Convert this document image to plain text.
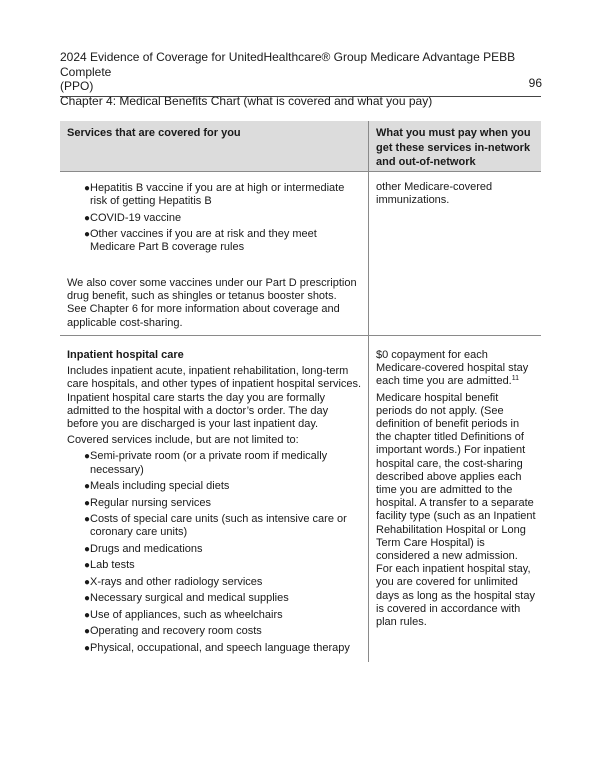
2024 Evidence of Coverage for UnitedHealthcare® Group Medicare Advantage PEBB Complete
(PPO)
Chapter 4: Medical Benefits Chart (what is covered and what you pay)
96
Services that are covered for you	What you must pay when you get these services in-network and out-of-network
● Hepatitis B vaccine if you are at high or intermediate risk of getting Hepatitis B
● COVID-19 vaccine
● Other vaccines if you are at risk and they meet Medicare Part B coverage rules
We also cover some vaccines under our Part D prescription drug benefit, such as shingles or tetanus booster shots. See Chapter 6 for more information about coverage and applicable cost-sharing.
other Medicare-covered immunizations.

Inpatient hospital care

Includes inpatient acute, inpatient rehabilitation, long-term care hospitals, and other types of inpatient hospital services. Inpatient hospital care starts the day you are formally admitted to the hospital with a doctor’s order. The day before you are discharged is your last inpatient day.

Covered services include, but are not limited to:

● Semi-private room (or a private room if medically necessary)
● Meals including special diets
● Regular nursing services
● Costs of special care units (such as intensive care or coronary care units)
● Drugs and medications
● Lab tests
● X-rays and other radiology services
● Necessary surgical and medical supplies
● Use of appliances, such as wheelchairs
● Operating and recovery room costs
● Physical, occupational, and speech language therapy

$0 copayment for each Medicare-covered hospital stay each time you are admitted.$^{11}$

Medicare hospital benefit periods do not apply. (See definition of benefit periods in the chapter titled Definitions of important words.) For inpatient hospital care, the cost-sharing described above applies each time you are admitted to the hospital. A transfer to a separate facility type (such as an Inpatient Rehabilitation Hospital or Long Term Care Hospital) is considered a new admission. For each inpatient hospital stay, you are covered for unlimited days as long as the hospital stay is covered in accordance with plan rules.
